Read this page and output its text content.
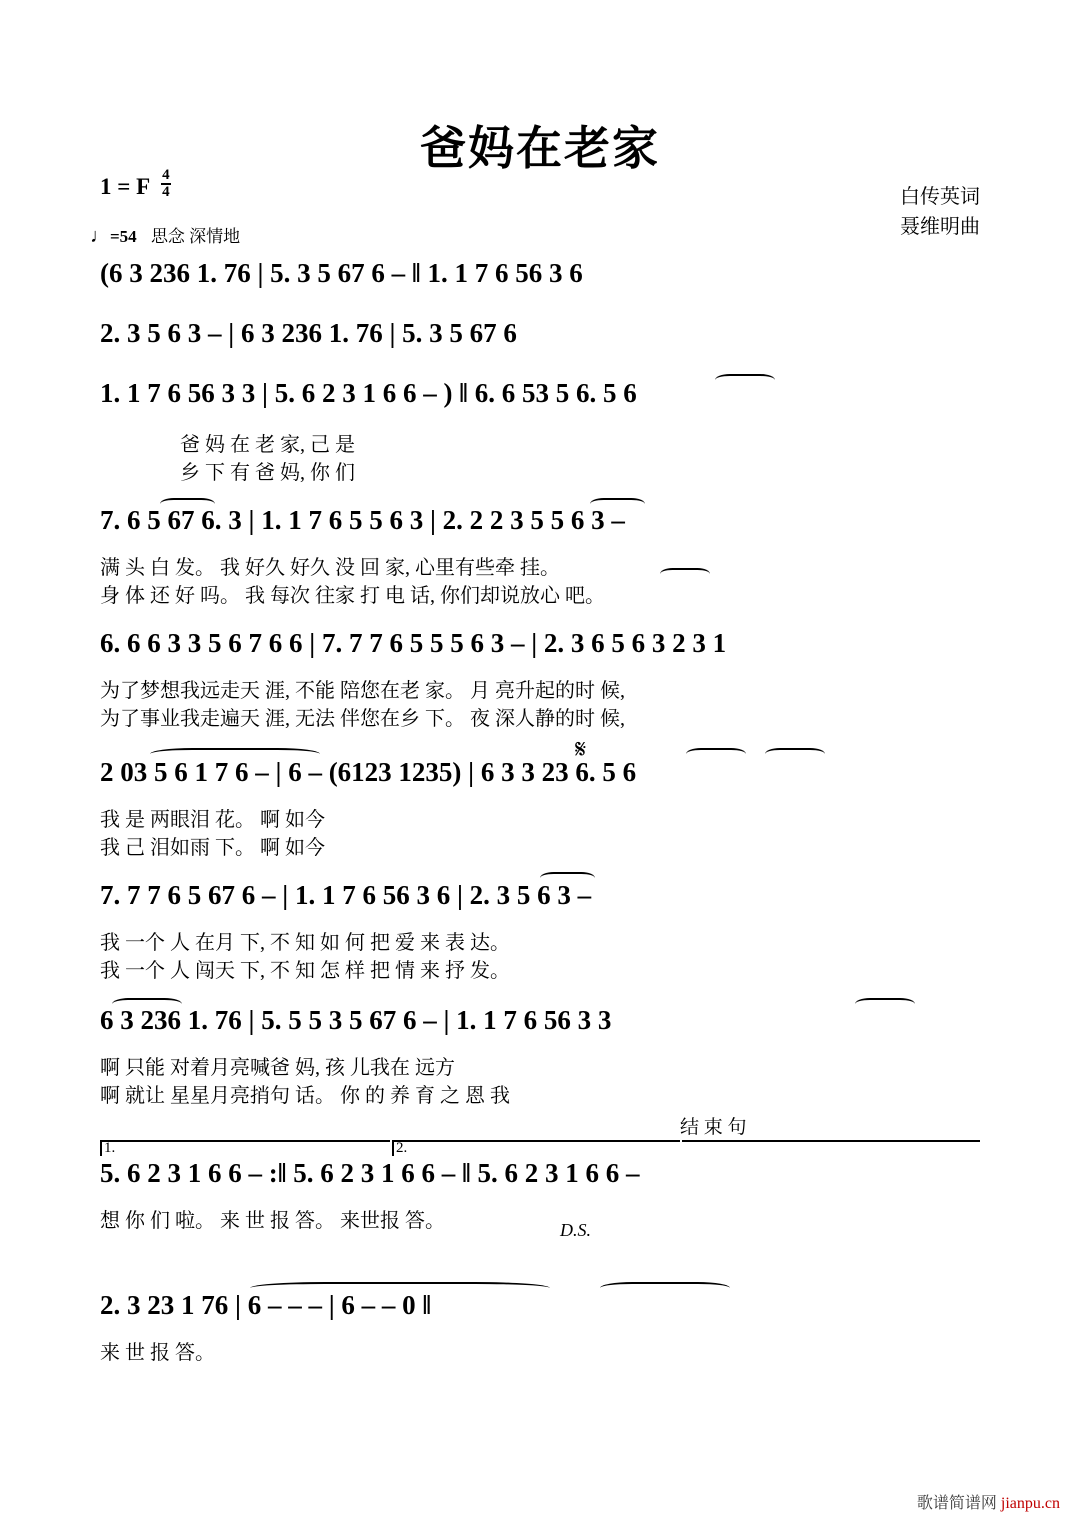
爸妈在老家
1 = F $\frac{4}{4}$
♩=54 思念 深情地
白传英词
聂维明曲
(6 3 236 1. 76 | 5. 3 5 67 6 – ‖ 1. 1 7 6 56 3 6
2. 3 5 6 3 – | 6 3 236 1. 76 | 5. 3 5 67 6
1. 1 7 6 56 3 3 | 5. 6 2 3 1 6 6 – ) ‖ 6. 6 53 5 6. 5 6
爸 妈 在 老 家, 己 是
乡 下 有 爸 妈, 你 们
7. 6 5 67 6. 3 | 1. 1 7 6 5 5 6 3 | 2. 2 2 3 5 5 6 3 –
满 头 白 发。 我 好久 好久 没 回 家, 心里有些牵 挂。
身 体 还 好 吗。 我 每次 往家 打 电 话, 你们却说放心 吧。
6. 6 6 3 3 5 6 7 6 6 | 7. 7 7 6 5 5 5 6 3 – | 2. 3 6 5 6 3 2 3 1
为了梦想我远走天 涯, 不能 陪您在老 家。 月 亮升起的时 候,
为了事业我走遍天 涯, 无法 伴您在乡 下。 夜 深人静的时 候,
2 03 5 6 1 7 6 – | 6 – (6123 1235) | 6 3 3 23 6. 5 6
我 是 两眼泪 花。 啊 如今
我 己 泪如雨 下。 啊 如今
𝄋
7. 7 7 6 5 67 6 – | 1. 1 7 6 56 3 6 | 2. 3 5 6 3 –
我 一个 人 在月 下, 不 知 如 何 把 爱 来 表 达。
我 一个 人 闯天 下, 不 知 怎 样 把 情 来 抒 发。
6 3 236 1. 76 | 5. 5 5 3 5 67 6 – | 1. 1 7 6 56 3 3
啊 只能 对着月亮喊爸 妈, 孩 儿我在 远方
啊 就让 星星月亮捎句 话。 你 的 养 育 之 恩 我
1.	2.
结 束 句
5. 6 2 3 1 6 6 – :‖ 5. 6 2 3 1 6 6 – ‖ 5. 6 2 3 1 6 6 –
想 你 们 啦。 来 世 报 答。 来世报 答。	D.S.
2. 3 23 1 76 | 6 – – – | 6 – – 0 ‖
来 世 报 答。
歌谱简谱网 jianpu.cn
